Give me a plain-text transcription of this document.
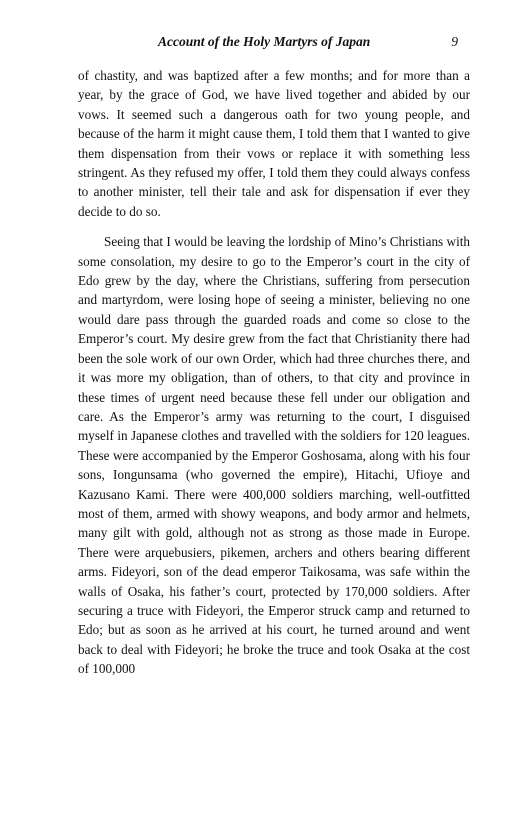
Account of the Holy Martyrs of Japan	9

of chastity, and was baptized after a few months; and for more than a year, by the grace of God, we have lived together and abided by our vows. It seemed such a dangerous oath for two young people, and because of the harm it might cause them, I told them that I wanted to give them dispensation from their vows or replace it with something less stringent. As they refused my offer, I told them they could always confess to another minister, tell their tale and ask for dispensation if ever they decide to do so.

Seeing that I would be leaving the lordship of Mino’s Christians with some consolation, my desire to go to the Emperor’s court in the city of Edo grew by the day, where the Christians, suffering from persecution and martyrdom, were losing hope of seeing a minister, believing no one would dare pass through the guarded roads and come so close to the Emperor’s court. My desire grew from the fact that Christianity there had been the sole work of our own Order, which had three churches there, and it was more my obligation, than of others, to that city and province in these times of urgent need because these fell under our obligation and care. As the Emperor’s army was returning to the court, I disguised myself in Japanese clothes and travelled with the soldiers for 120 leagues. These were accompanied by the Emperor Goshosama, along with his four sons, Iongunsama (who governed the empire), Hitachi, Ufioye and Kazusano Kami. There were 400,000 soldiers marching, well-outfitted most of them, armed with showy weapons, and body armor and helmets, many gilt with gold, although not as strong as those made in Europe. There were arquebusiers, pikemen, archers and others bearing different arms. Fideyori, son of the dead emperor Taikosama, was safe within the walls of Osaka, his father’s court, protected by 170,000 soldiers. After securing a truce with Fideyori, the Emperor struck camp and returned to Edo; but as soon as he arrived at his court, he turned around and went back to deal with Fideyori; he broke the truce and took Osaka at the cost of 100,000
